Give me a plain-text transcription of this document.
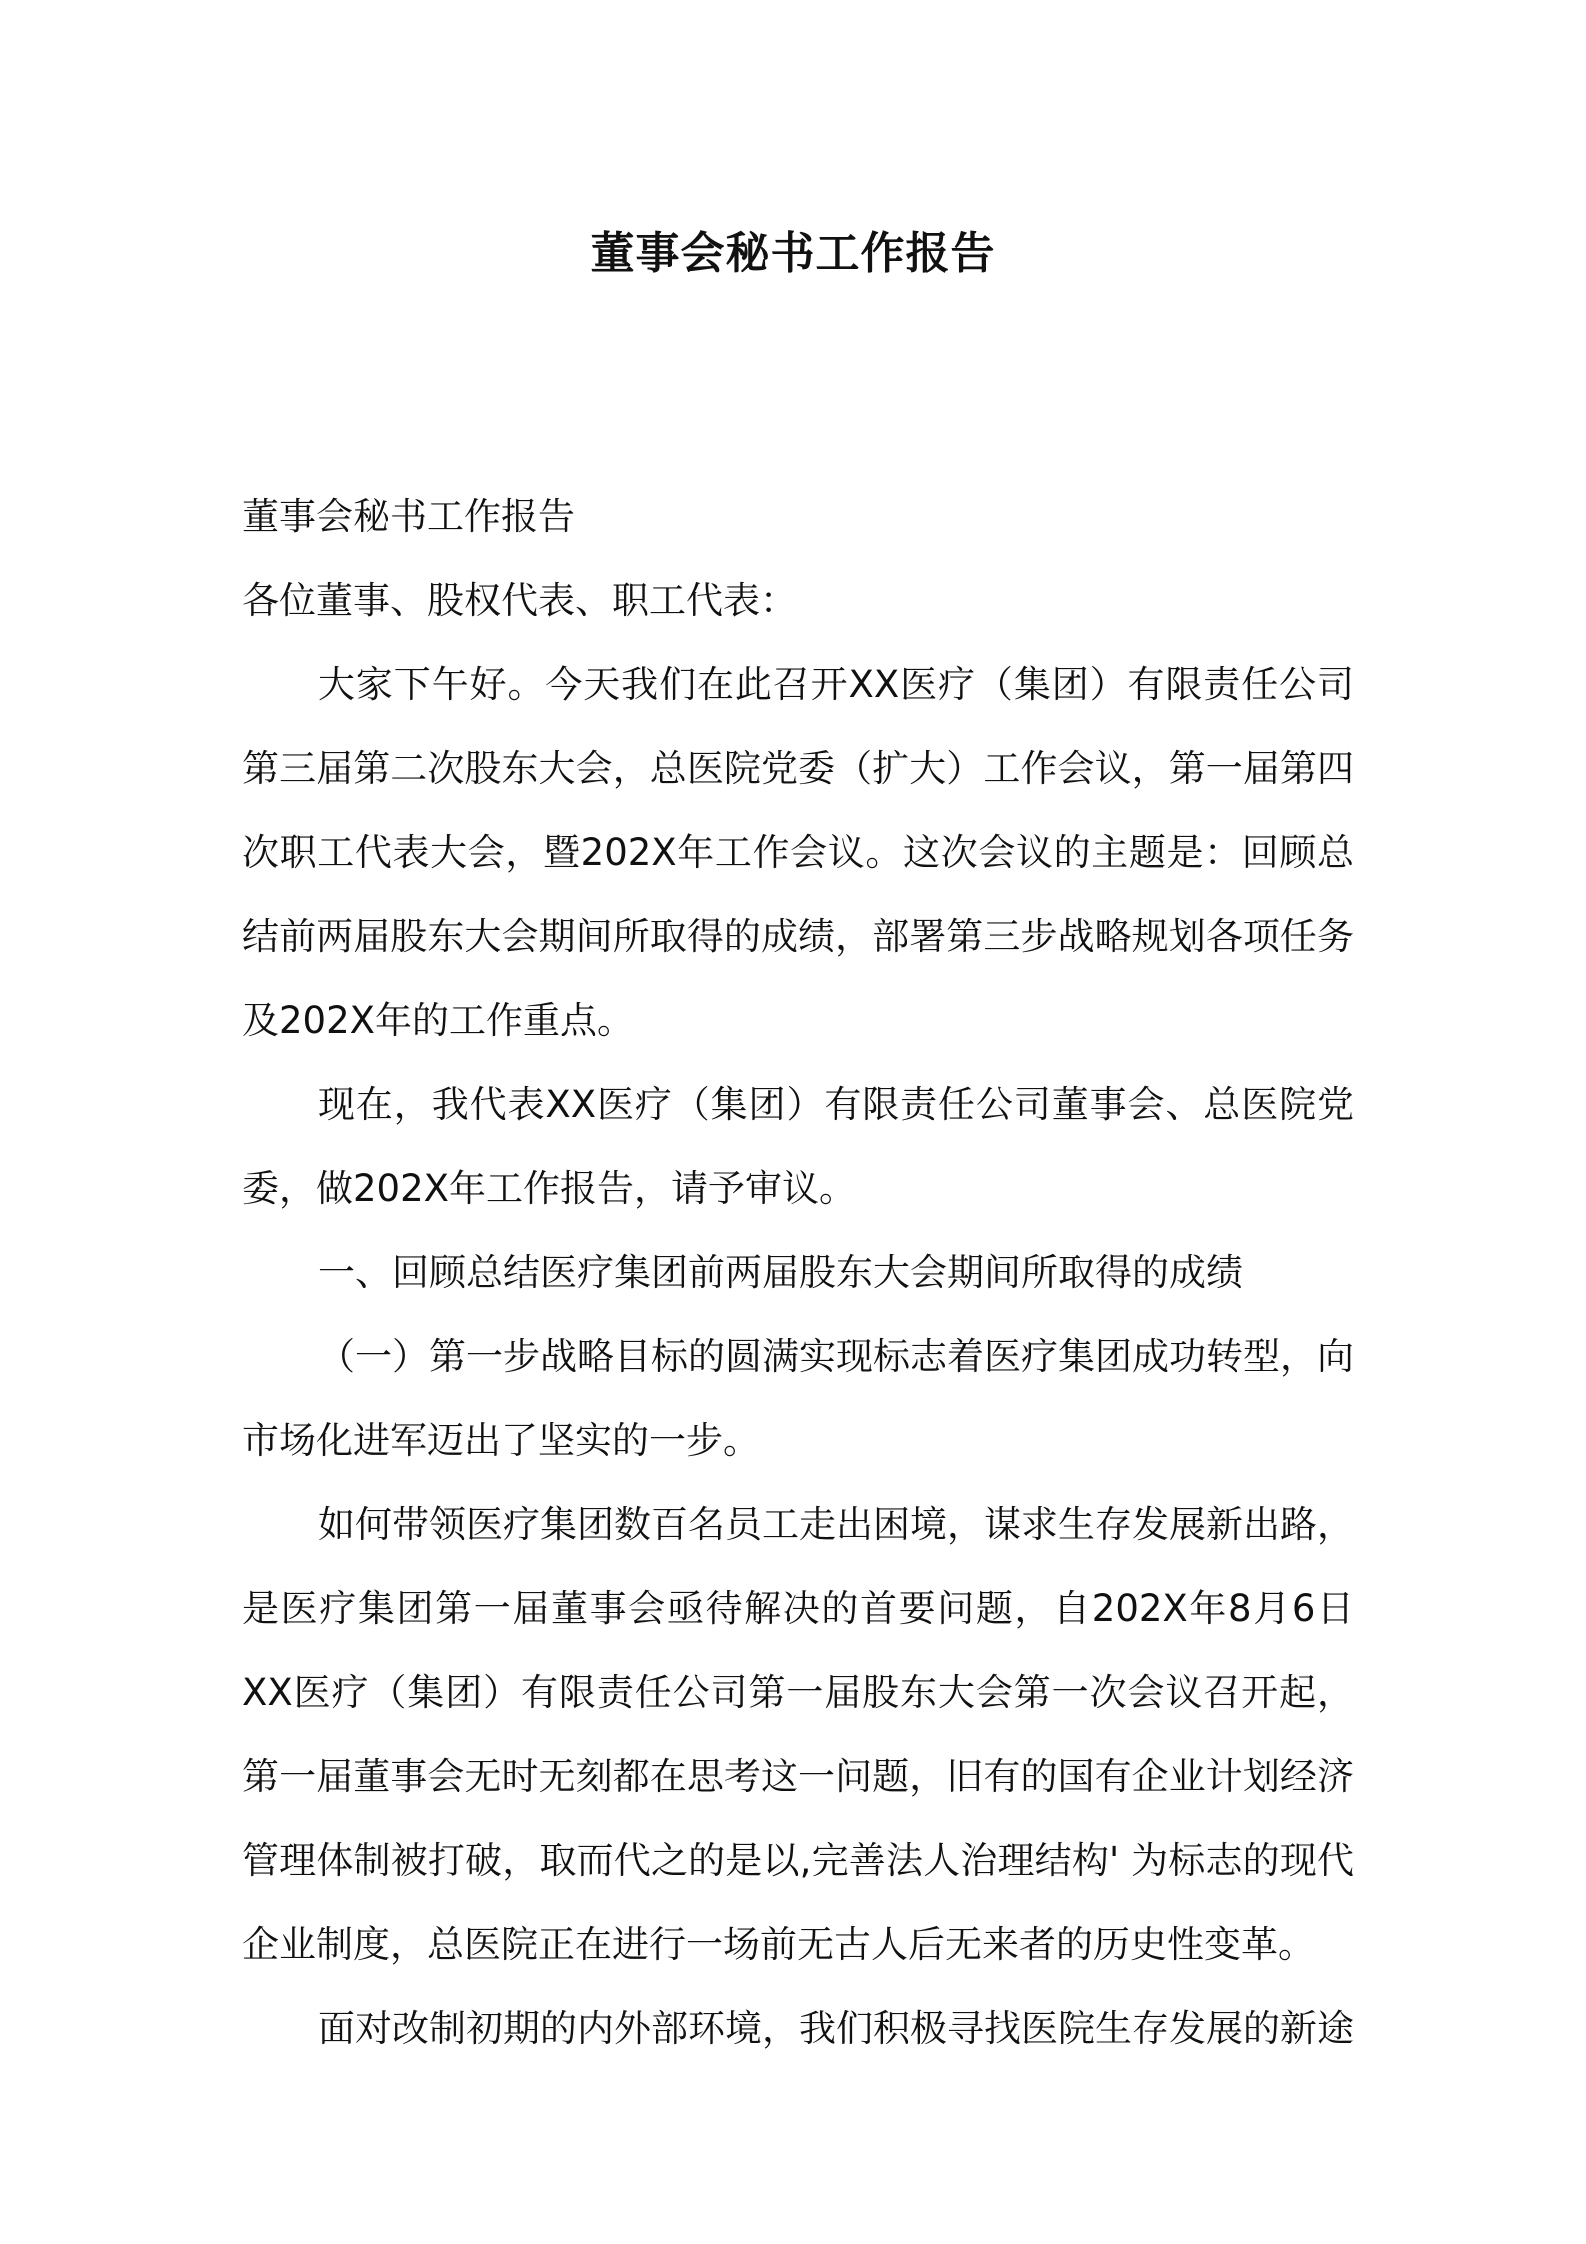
董事会秘书工作报告

董事会秘书工作报告

各位董事、股权代表、职工代表：

大家下午好。今天我们在此召开XX医疗（集团）有限责任公司第三届第二次股东大会，总医院党委（扩大）工作会议，第一届第四次职工代表大会，暨202X年工作会议。这次会议的主题是：回顾总结前两届股东大会期间所取得的成绩，部署第三步战略规划各项任务及202X年的工作重点。

现在，我代表XX医疗（集团）有限责任公司董事会、总医院党委，做202X年工作报告，请予审议。

一、回顾总结医疗集团前两届股东大会期间所取得的成绩

（一）第一步战略目标的圆满实现标志着医疗集团成功转型，向市场化进军迈出了坚实的一步。

如何带领医疗集团数百名员工走出困境，谋求生存发展新出路，是医疗集团第一届董事会亟待解决的首要问题，自202X年8月6日XX医疗（集团）有限责任公司第一届股东大会第一次会议召开起，第一届董事会无时无刻都在思考这一问题，旧有的国有企业计划经济管理体制被打破，取而代之的是以,完善法人治理结构' 为标志的现代企业制度，总医院正在进行一场前无古人后无来者的历史性变革。

面对改制初期的内外部环境，我们积极寻找医院生存发展的新途
